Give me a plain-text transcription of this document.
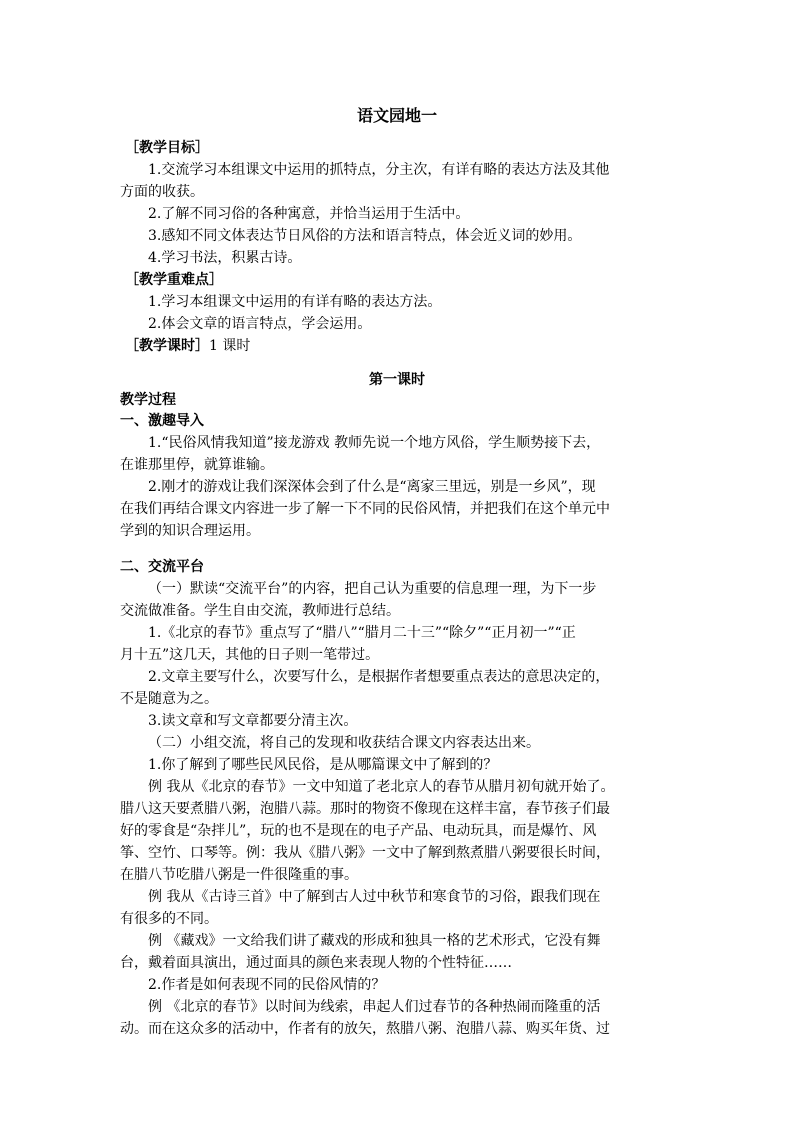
语文园地一
［教学目标］
1.交流学习本组课文中运用的抓特点，分主次，有详有略的表达方法及其他
方面的收获。
2.了解不同习俗的各种寓意，并恰当运用于生活中。
3.感知不同文体表达节日风俗的方法和语言特点，体会近义词的妙用。
4.学习书法，积累古诗。
［教学重难点］
1.学习本组课文中运用的有详有略的表达方法。
2.体会文章的语言特点，学会运用。
［教学课时］1 课时
第一课时
教学过程
一、激趣导入
1.“民俗风情我知道”接龙游戏 教师先说一个地方风俗，学生顺势接下去，
在谁那里停，就算谁输。
2.刚才的游戏让我们深深体会到了什么是“离家三里远，别是一乡风”，现
在我们再结合课文内容进一步了解一下不同的民俗风情，并把我们在这个单元中
学到的知识合理运用。
二、交流平台
（一）默读“交流平台”的内容，把自己认为重要的信息理一理，为下一步
交流做准备。学生自由交流，教师进行总结。
1.《北京的春节》重点写了“腊八”“腊月二十三”“除夕”“正月初一”“正
月十五”这几天，其他的日子则一笔带过。
2.文章主要写什么，次要写什么，是根据作者想要重点表达的意思决定的，
不是随意为之。
3.读文章和写文章都要分清主次。
（二）小组交流，将自己的发现和收获结合课文内容表达出来。
1.你了解到了哪些民风民俗，是从哪篇课文中了解到的？
例 我从《北京的春节》一文中知道了老北京人的春节从腊月初旬就开始了。
腊八这天要煮腊八粥，泡腊八蒜。那时的物资不像现在这样丰富，春节孩子们最
好的零食是“杂拌儿”，玩的也不是现在的电子产品、电动玩具，而是爆竹、风
筝、空竹、口琴等。例：我从《腊八粥》一文中了解到熬煮腊八粥要很长时间，
在腊八节吃腊八粥是一件很隆重的事。
例 我从《古诗三首》中了解到古人过中秋节和寒食节的习俗，跟我们现在
有很多的不同。
例 《藏戏》一文给我们讲了藏戏的形成和独具一格的艺术形式，它没有舞
台，戴着面具演出，通过面具的颜色来表现人物的个性特征……
2.作者是如何表现不同的民俗风情的？
例 《北京的春节》以时间为线索，串起人们过春节的各种热闹而隆重的活
动。而在这众多的活动中，作者有的放矢，熬腊八粥、泡腊八蒜、购买年货、过
